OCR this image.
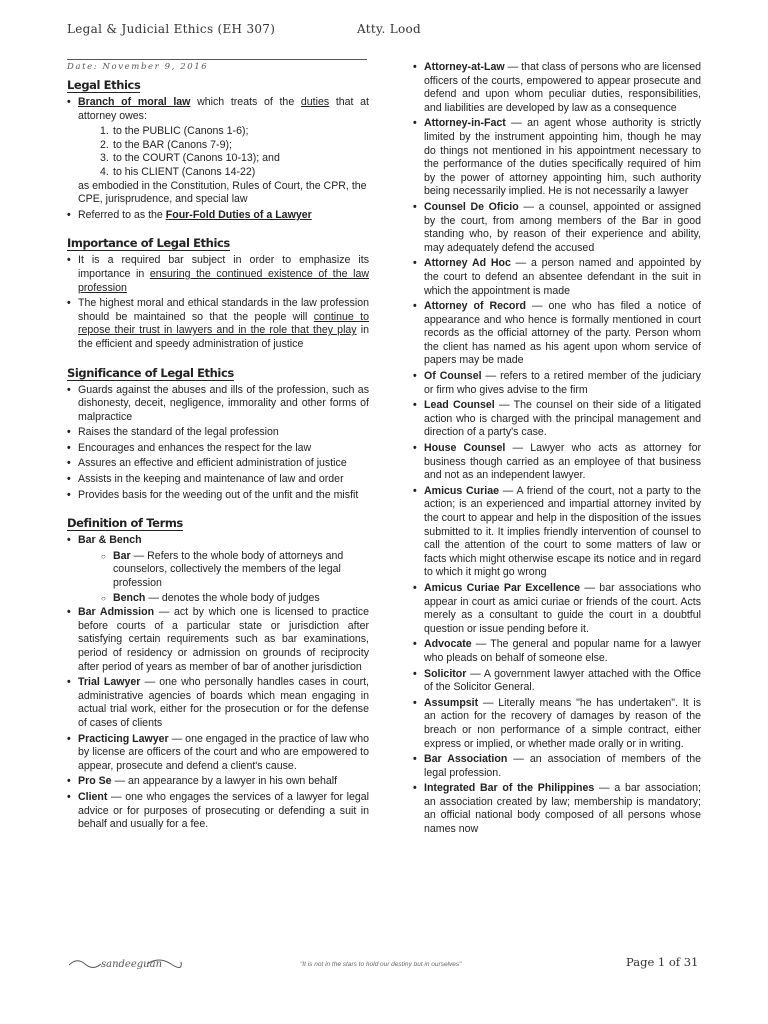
Legal & Judicial Ethics (EH 307)	Atty. Lood
Date: November 9, 2016
Legal Ethics
• Branch of moral law which treats of the duties that at attorney owes:
1. to the PUBLIC (Canons 1-6);
2. to the BAR (Canons 7-9);
3. to the COURT (Canons 10-13); and
4. to his CLIENT (Canons 14-22)
as embodied in the Constitution, Rules of Court, the CPR, the CPE, jurisprudence, and special law
• Referred to as the Four-Fold Duties of a Lawyer
Importance of Legal Ethics
• It is a required bar subject in order to emphasize its importance in ensuring the continued existence of the law profession
• The highest moral and ethical standards in the law profession should be maintained so that the people will continue to repose their trust in lawyers and in the role that they play in the efficient and speedy administration of justice
Significance of Legal Ethics
• Guards against the abuses and ills of the profession, such as dishonesty, deceit, negligence, immorality and other forms of malpractice
• Raises the standard of the legal profession
• Encourages and enhances the respect for the law
• Assures an effective and efficient administration of justice
• Assists in the keeping and maintenance of law and order
• Provides basis for the weeding out of the unfit and the misfit
Definition of Terms
• Bar & Bench
○ Bar — Refers to the whole body of attorneys and counselors, collectively the members of the legal profession
○ Bench — denotes the whole body of judges
• Bar Admission — act by which one is licensed to practice before courts of a particular state or jurisdiction after satisfying certain requirements such as bar examinations, period of residency or admission on grounds of reciprocity after period of years as member of bar of another jurisdiction
• Trial Lawyer — one who personally handles cases in court, administrative agencies of boards which mean engaging in actual trial work, either for the prosecution or for the defense of cases of clients
• Practicing Lawyer — one engaged in the practice of law who by license are officers of the court and who are empowered to appear, prosecute and defend a client's cause.
• Pro Se — an appearance by a lawyer in his own behalf
• Client — one who engages the services of a lawyer for legal advice or for purposes of prosecuting or defending a suit in behalf and usually for a fee.
• Attorney-at-Law — that class of persons who are licensed officers of the courts, empowered to appear prosecute and defend and upon whom peculiar duties, responsibilities, and liabilities are developed by law as a consequence
• Attorney-in-Fact — an agent whose authority is strictly limited by the instrument appointing him, though he may do things not mentioned in his appointment necessary to the performance of the duties specifically required of him by the power of attorney appointing him, such authority being necessarily implied. He is not necessarily a lawyer
• Counsel De Oficio — a counsel, appointed or assigned by the court, from among members of the Bar in good standing who, by reason of their experience and ability, may adequately defend the accused
• Attorney Ad Hoc — a person named and appointed by the court to defend an absentee defendant in the suit in which the appointment is made
• Attorney of Record — one who has filed a notice of appearance and who hence is formally mentioned in court records as the official attorney of the party. Person whom the client has named as his agent upon whom service of papers may be made
• Of Counsel — refers to a retired member of the judiciary or firm who gives advise to the firm
• Lead Counsel — The counsel on their side of a litigated action who is charged with the principal management and direction of a party's case.
• House Counsel — Lawyer who acts as attorney for business though carried as an employee of that business and not as an independent lawyer.
• Amicus Curiae — A friend of the court, not a party to the action; is an experienced and impartial attorney invited by the court to appear and help in the disposition of the issues submitted to it. It implies friendly intervention of counsel to call the attention of the court to some matters of law or facts which might otherwise escape its notice and in regard to which it might go wrong
• Amicus Curiae Par Excellence — bar associations who appear in court as amici curiae or friends of the court. Acts merely as a consultant to guide the court in a doubtful question or issue pending before it.
• Advocate — The general and popular name for a lawyer who pleads on behalf of someone else.
• Solicitor — A government lawyer attached with the Office of the Solicitor General.
• Assumpsit — Literally means "he has undertaken". It is an action for the recovery of damages by reason of the breach or non performance of a simple contract, either express or implied, or whether made orally or in writing.
• Bar Association — an association of members of the legal profession.
• Integrated Bar of the Philippines — a bar association; an association created by law; membership is mandatory; an official national body composed of all persons whose names now
sandeeguan	"It is not in the stars to hold our destiny but in ourselves"	Page 1 of 31
